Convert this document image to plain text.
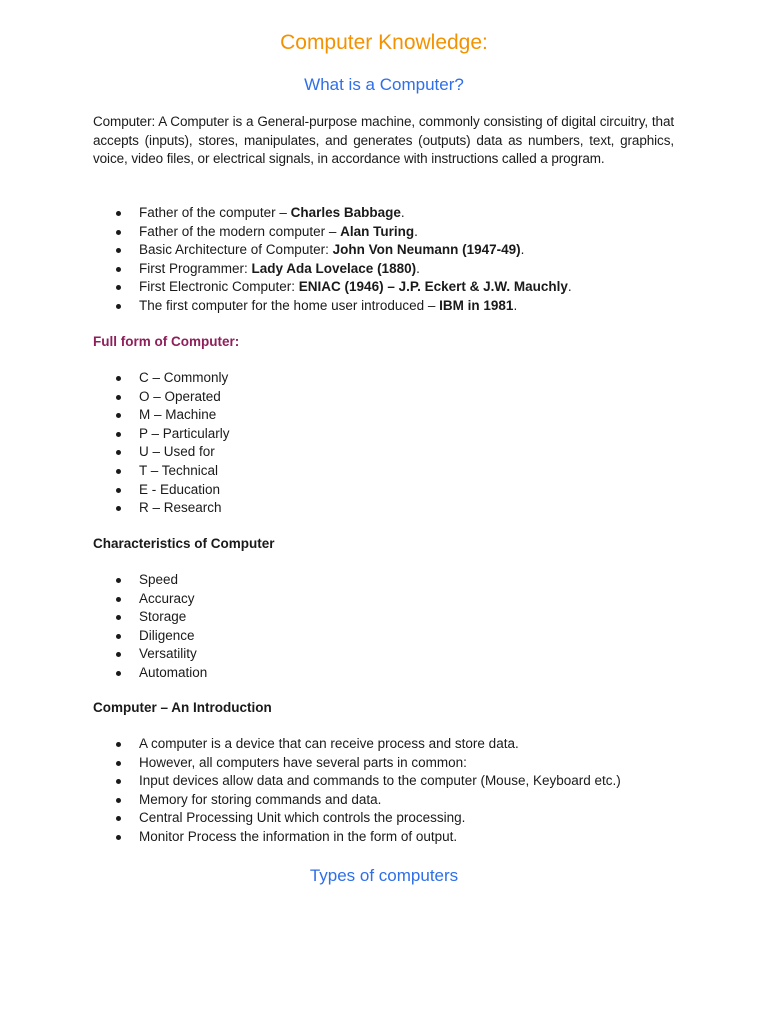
Computer Knowledge:
What is a Computer?

Computer: A Computer is a General-purpose machine, commonly consisting of digital circuitry, that accepts (inputs), stores, manipulates, and generates (outputs) data as numbers, text, graphics, voice, video files, or electrical signals, in accordance with instructions called a program.

Father of the computer – Charles Babbage.
Father of the modern computer – Alan Turing.
Basic Architecture of Computer: John Von Neumann (1947-49).
First Programmer: Lady Ada Lovelace (1880).
First Electronic Computer: ENIAC (1946) – J.P. Eckert & J.W. Mauchly.
The first computer for the home user introduced – IBM in 1981.

Full form of Computer:

C – Commonly
O – Operated
M – Machine
P – Particularly
U – Used for
T – Technical
E - Education
R – Research

Characteristics of Computer

Speed
Accuracy
Storage
Diligence
Versatility
Automation

Computer – An Introduction

A computer is a device that can receive process and store data.
However, all computers have several parts in common:
Input devices allow data and commands to the computer (Mouse, Keyboard etc.)
Memory for storing commands and data.
Central Processing Unit which controls the processing.
Monitor Process the information in the form of output.
Types of computers
